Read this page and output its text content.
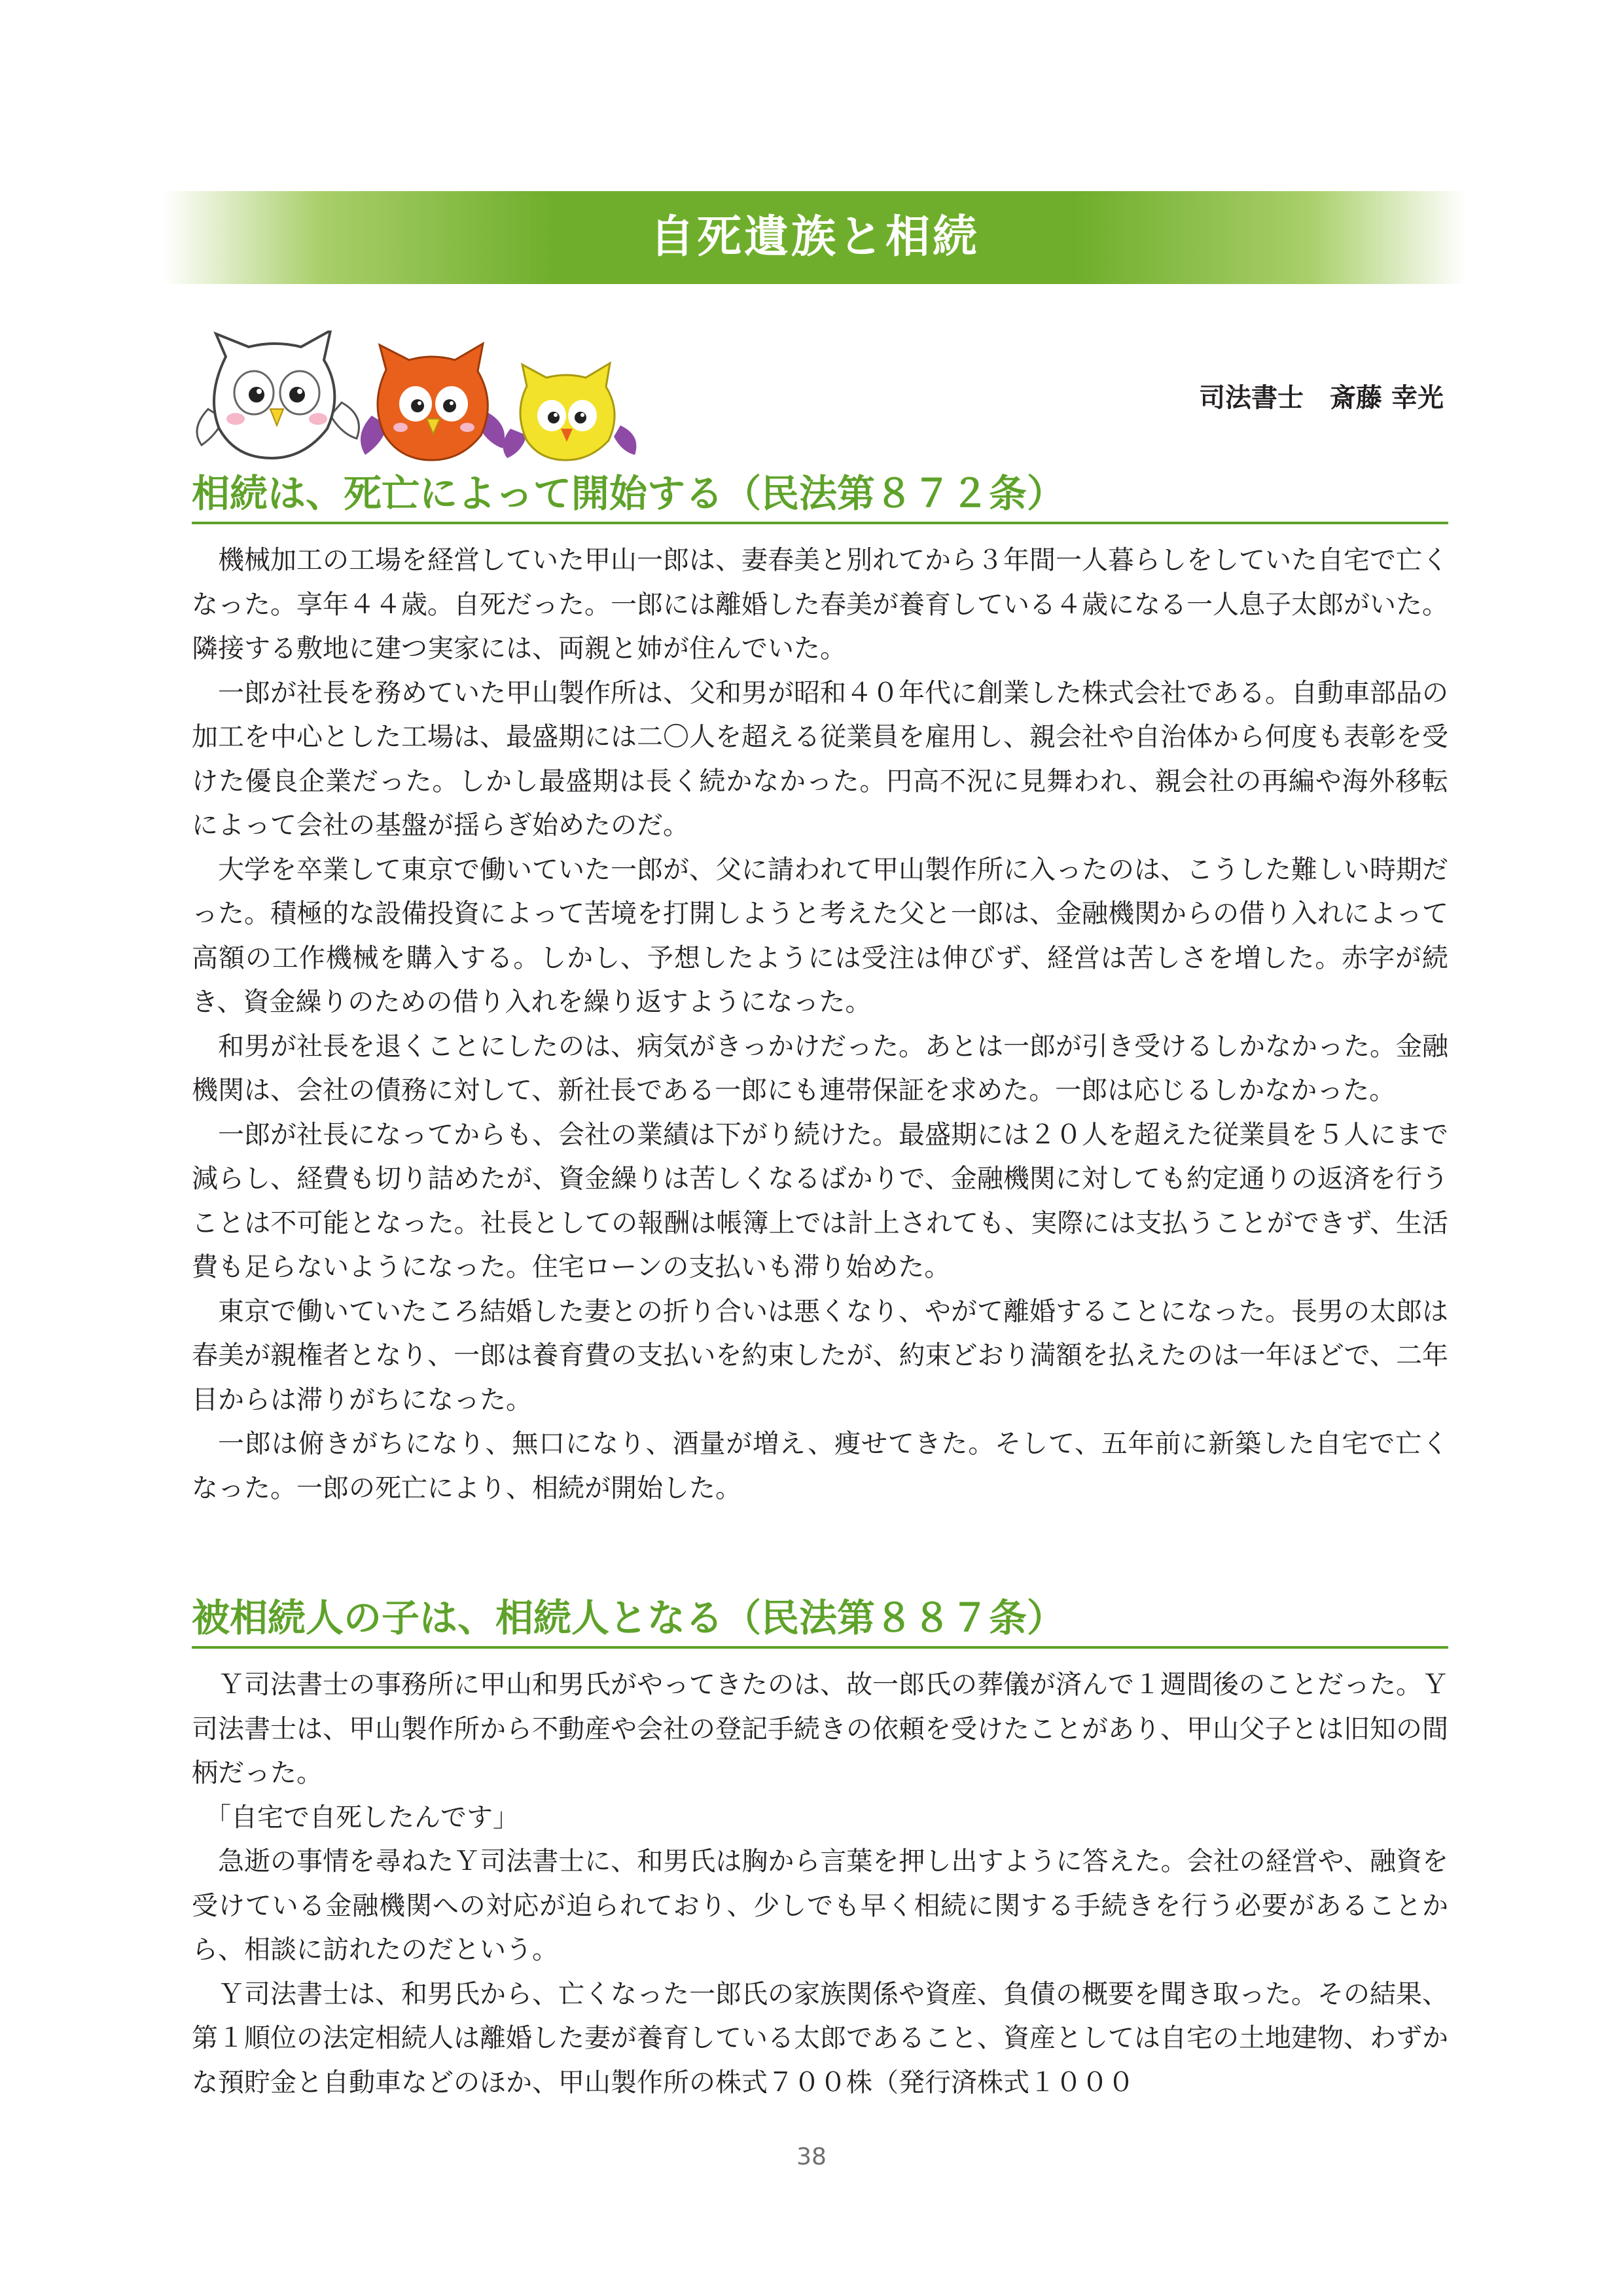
自死遺族と相続
司法書士　斎藤 幸光
相続は、死亡によって開始する（民法第８７２条）

機械加工の工場を経営していた甲山一郎は、妻春美と別れてから３年間一人暮らしをしていた自宅で亡くなった。享年４４歳。自死だった。一郎には離婚した春美が養育している４歳になる一人息子太郎がいた。隣接する敷地に建つ実家には、両親と姉が住んでいた。

一郎が社長を務めていた甲山製作所は、父和男が昭和４０年代に創業した株式会社である。自動車部品の加工を中心とした工場は、最盛期には二〇人を超える従業員を雇用し、親会社や自治体から何度も表彰を受けた優良企業だった。しかし最盛期は長く続かなかった。円高不況に見舞われ、親会社の再編や海外移転によって会社の基盤が揺らぎ始めたのだ。

大学を卒業して東京で働いていた一郎が、父に請われて甲山製作所に入ったのは、こうした難しい時期だった。積極的な設備投資によって苦境を打開しようと考えた父と一郎は、金融機関からの借り入れによって高額の工作機械を購入する。しかし、予想したようには受注は伸びず、経営は苦しさを増した。赤字が続き、資金繰りのための借り入れを繰り返すようになった。

和男が社長を退くことにしたのは、病気がきっかけだった。あとは一郎が引き受けるしかなかった。金融機関は、会社の債務に対して、新社長である一郎にも連帯保証を求めた。一郎は応じるしかなかった。

一郎が社長になってからも、会社の業績は下がり続けた。最盛期には２０人を超えた従業員を５人にまで減らし、経費も切り詰めたが、資金繰りは苦しくなるばかりで、金融機関に対しても約定通りの返済を行うことは不可能となった。社長としての報酬は帳簿上では計上されても、実際には支払うことができず、生活費も足らないようになった。住宅ローンの支払いも滞り始めた。

東京で働いていたころ結婚した妻との折り合いは悪くなり、やがて離婚することになった。長男の太郎は春美が親権者となり、一郎は養育費の支払いを約束したが、約束どおり満額を払えたのは一年ほどで、二年目からは滞りがちになった。

一郎は俯きがちになり、無口になり、酒量が増え、痩せてきた。そして、五年前に新築した自宅で亡くなった。一郎の死亡により、相続が開始した。

被相続人の子は、相続人となる（民法第８８７条）

Ｙ司法書士の事務所に甲山和男氏がやってきたのは、故一郎氏の葬儀が済んで１週間後のことだった。Ｙ司法書士は、甲山製作所から不動産や会社の登記手続きの依頼を受けたことがあり、甲山父子とは旧知の間柄だった。

「自宅で自死したんです」

急逝の事情を尋ねたＹ司法書士に、和男氏は胸から言葉を押し出すように答えた。会社の経営や、融資を受けている金融機関への対応が迫られており、少しでも早く相続に関する手続きを行う必要があることから、相談に訪れたのだという。

Ｙ司法書士は、和男氏から、亡くなった一郎氏の家族関係や資産、負債の概要を聞き取った。その結果、第１順位の法定相続人は離婚した妻が養育している太郎であること、資産としては自宅の土地建物、わずかな預貯金と自動車などのほか、甲山製作所の株式７００株（発行済株式１０００

38
